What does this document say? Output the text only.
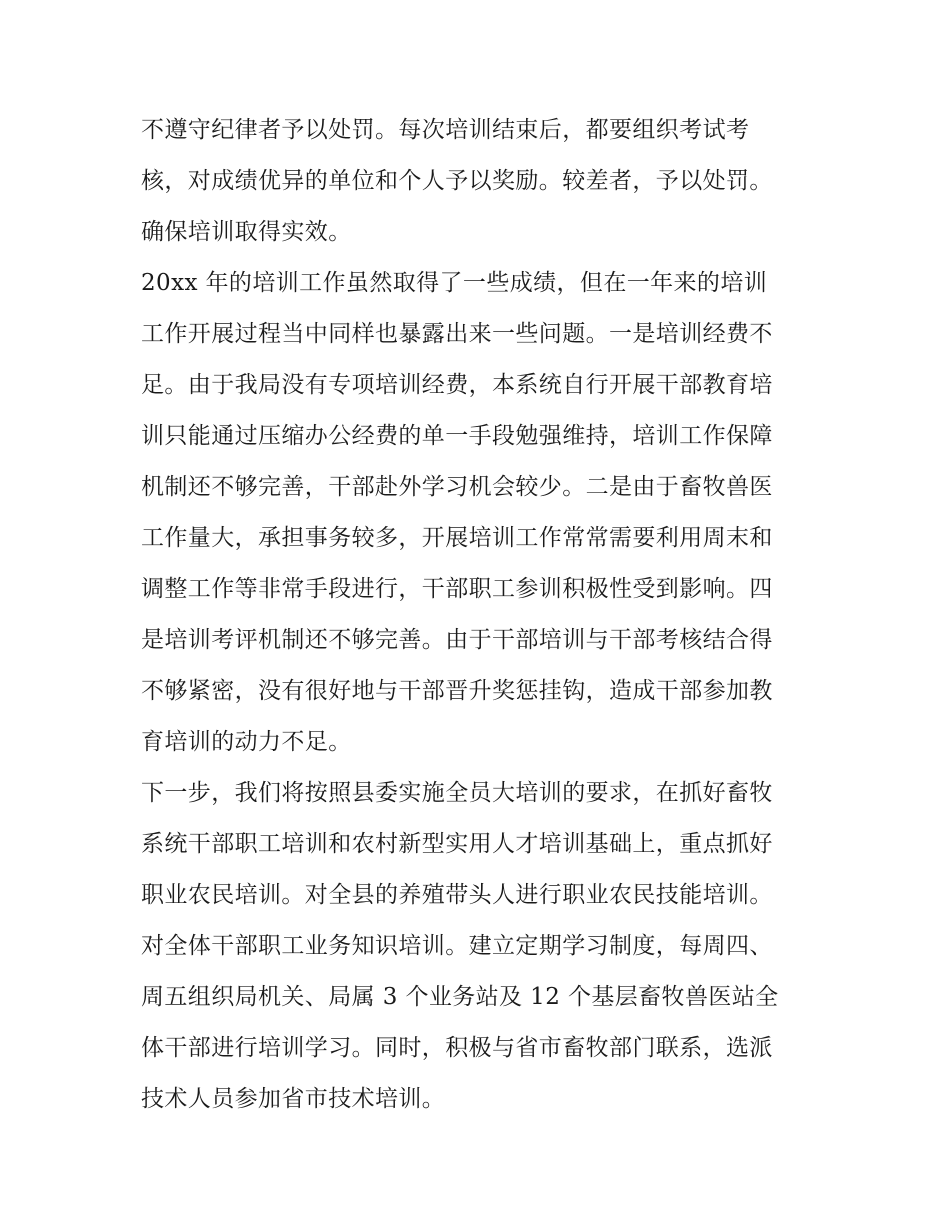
不遵守纪律者予以处罚。每次培训结束后，都要组织考试考
核，对成绩优异的单位和个人予以奖励。较差者，予以处罚。
确保培训取得实效。
20xx 年的培训工作虽然取得了一些成绩，但在一年来的培训
工作开展过程当中同样也暴露出来一些问题。一是培训经费不
足。由于我局没有专项培训经费，本系统自行开展干部教育培
训只能通过压缩办公经费的单一手段勉强维持，培训工作保障
机制还不够完善，干部赴外学习机会较少。二是由于畜牧兽医
工作量大，承担事务较多，开展培训工作常常需要利用周末和
调整工作等非常手段进行，干部职工参训积极性受到影响。四
是培训考评机制还不够完善。由于干部培训与干部考核结合得
不够紧密，没有很好地与干部晋升奖惩挂钩，造成干部参加教
育培训的动力不足。
下一步，我们将按照县委实施全员大培训的要求，在抓好畜牧
系统干部职工培训和农村新型实用人才培训基础上，重点抓好
职业农民培训。对全县的养殖带头人进行职业农民技能培训。
对全体干部职工业务知识培训。建立定期学习制度，每周四、
周五组织局机关、局属 3 个业务站及 12 个基层畜牧兽医站全
体干部进行培训学习。同时，积极与省市畜牧部门联系，选派
技术人员参加省市技术培训。
